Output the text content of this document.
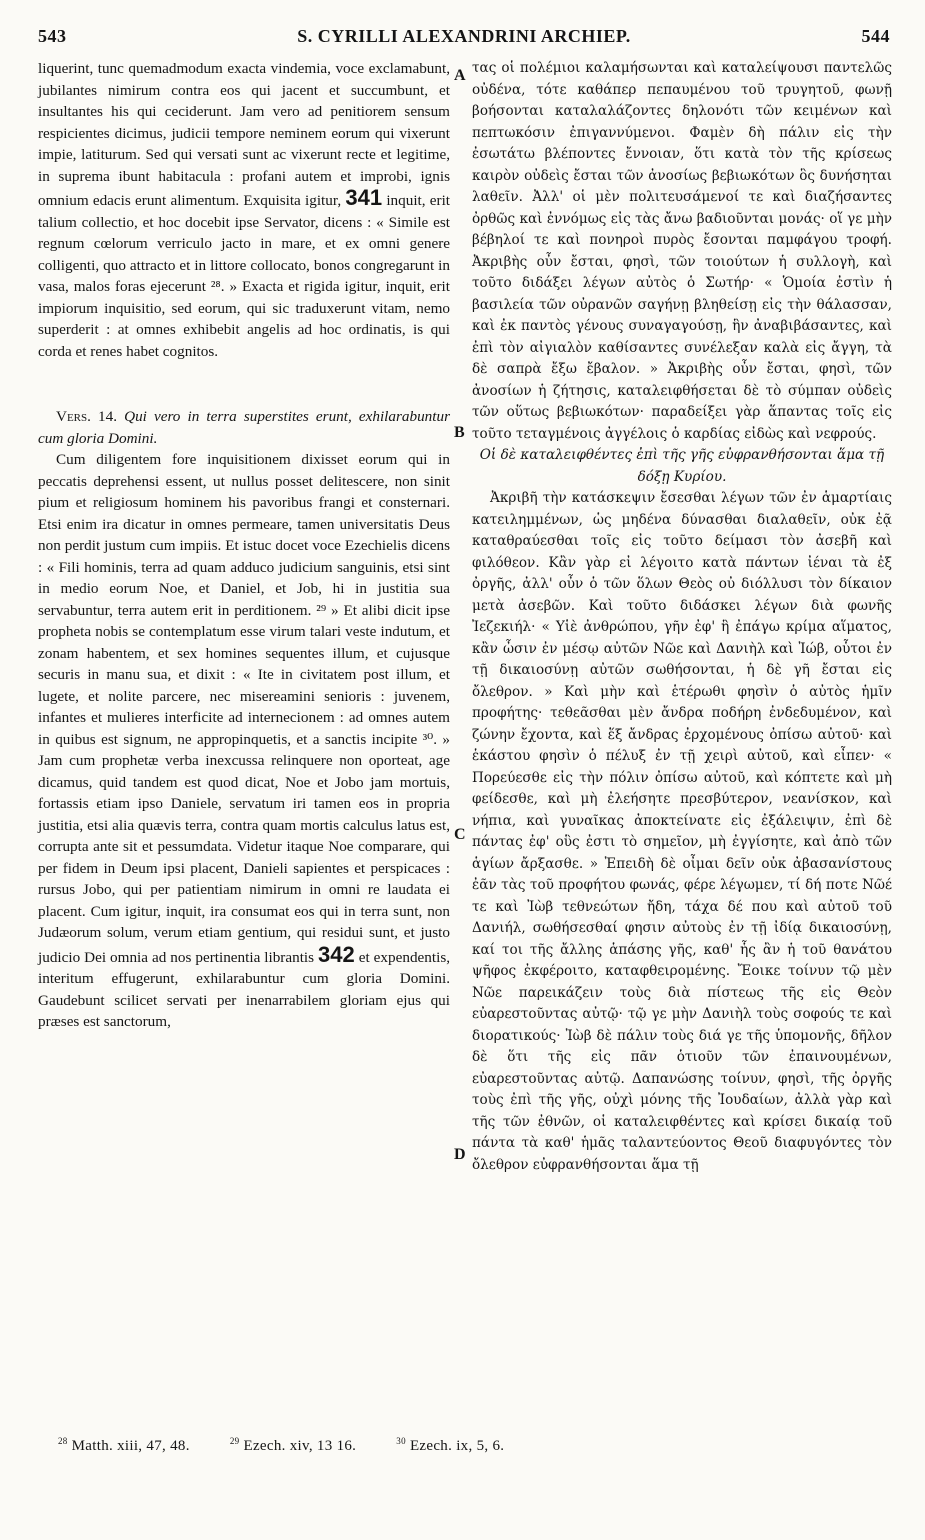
543	S. CYRILLI ALEXANDRINI ARCHIEP.	544

liquerint, tunc quemadmodum exacta vindemia, voce exclamabunt, jubilantes nimirum contra eos qui jacent et succumbunt, et insultantes his qui ceciderunt. Jam vero ad penitiorem sensum respicientes dicimus, judicii tempore neminem eorum qui vixerunt impie, latiturum. Sed qui versati sunt ac vixerunt recte et legitime, in suprema ibunt habitacula : profani autem et improbi, ignis omnium edacis erunt alimentum. Exquisita igitur, 341 inquit, erit talium collectio, et hoc docebit ipse Servator, dicens : « Simile est regnum cœlorum verriculo jacto in mare, et ex omni genere colligenti, quo attracto et in littore collocato, bonos congregarunt in vasa, malos foras ejecerunt ²⁸. » Exacta et rigida igitur, inquit, erit impiorum inquisitio, sed eorum, qui sic traduxerunt vitam, nemo superderit : at omnes exhibebit angelis ad hoc ordinatis, is qui corda et renes habet cognitos.

Vers. 14. Qui vero in terra superstites erunt, exhilarabuntur cum gloria Domini.

Cum diligentem fore inquisitionem dixisset eorum qui in peccatis deprehensi essent, ut nullus posset delitescere, non sinit pium et religiosum hominem his pavoribus frangi et consternari. Etsi enim ira dicatur in omnes permeare, tamen universitatis Deus non perdit justum cum impiis. Et istuc docet voce Ezechielis dicens : « Fili hominis, terra ad quam adduco judicium sanguinis, etsi sint in medio eorum Noe, et Daniel, et Job, hi in justitia sua servabuntur, terra autem erit in perditionem. ²⁹ » Et alibi dicit ipse propheta nobis se contemplatum esse virum talari veste indutum, et zonam habentem, et sex homines sequentes illum, et cujusque securis in manu sua, et dixit : « Ite in civitatem post illum, et lugete, et nolite parcere, nec misereamini senioris : juvenem, infantes et mulieres interficite ad internecionem : ad omnes autem in quibus est signum, ne appropinquetis, et a sanctis incipite ³⁰. » Jam cum prophetæ verba inexcussa relinquere non oporteat, age dicamus, quid tandem est quod dicat, Noe et Jobo jam mortuis, fortassis etiam ipso Daniele, servatum iri tamen eos in propria justitia, etsi alia quævis terra, contra quam mortis calculus latus est, corrupta ante sit et pessumdata. Videtur itaque Noe comparare, qui per fidem in Deum ipsi placent, Danieli sapientes et perspicaces : rursus Jobo, qui per patientiam nimirum in omni re laudata ei placent. Cum igitur, inquit, ira consumat eos qui in terra sunt, non Judæorum solum, verum etiam gentium, qui residui sunt, et justo judicio Dei omnia ad nos pertinentia librantis 342 et expendentis, interitum effugerunt, exhilarabuntur cum gloria Domini. Gaudebunt scilicet servati per inenarrabilem gloriam ejus qui præses est sanctorum,

A
B
C
D

τας οἱ πολέμιοι καλαμήσωνται καὶ καταλείψουσι παντελῶς οὐδένα, τότε καθάπερ πεπαυμένου τοῦ τρυγητοῦ, φωνῇ βοήσονται καταλαλάζοντες δηλονότι τῶν κειμένων καὶ πεπτωκόσιν ἐπιγαννύμενοι. Φαμὲν δὴ πάλιν εἰς τὴν ἐσωτάτω βλέποντες ἔννοιαν, ὅτι κατὰ τὸν τῆς κρίσεως καιρὸν οὐδεὶς ἔσται τῶν ἀνοσίως βεβιωκότων ὃς δυνήσηται λαθεῖν. Ἀλλ' οἱ μὲν πολιτευσάμενοί τε καὶ διαζήσαντες ὀρθῶς καὶ ἐννόμως εἰς τὰς ἄνω βαδιοῦνται μονάς· οἵ γε μὴν βέβηλοί τε καὶ πονηροὶ πυρὸς ἔσονται παμφάγου τροφή. Ἀκριβὴς οὖν ἔσται, φησὶ, τῶν τοιούτων ἡ συλλογὴ, καὶ τοῦτο διδάξει λέγων αὐτὸς ὁ Σωτήρ· « Ὁμοία ἐστὶν ἡ βασιλεία τῶν οὐρανῶν σαγήνῃ βληθείσῃ εἰς τὴν θάλασσαν, καὶ ἐκ παντὸς γένους συναγαγούσῃ, ἣν ἀναβιβάσαντες, καὶ ἐπὶ τὸν αἰγιαλὸν καθίσαντες συνέλεξαν καλὰ εἰς ἄγγη, τὰ δὲ σαπρὰ ἔξω ἔβαλον. » Ἀκριβὴς οὖν ἔσται, φησὶ, τῶν ἀνοσίων ἡ ζήτησις, καταλειφθήσεται δὲ τὸ σύμπαν οὐδεὶς τῶν οὕτως βεβιωκότων· παραδείξει γὰρ ἅπαντας τοῖς εἰς τοῦτο τεταγμένοις ἀγγέλοις ὁ καρδίας εἰδὼς καὶ νεφρούς.

Οἱ δὲ καταλειφθέντες ἐπὶ τῆς γῆς εὐφρανθήσονται ἅμα τῇ δόξῃ Κυρίου.

Ἀκριβῆ τὴν κατάσκεψιν ἔσεσθαι λέγων τῶν ἐν ἁμαρτίαις κατειλημμένων, ὡς μηδένα δύνασθαι διαλαθεῖν, οὐκ ἐᾷ καταθραύεσθαι τοῖς εἰς τοῦτο δείμασι τὸν ἀσεβῆ καὶ φιλόθεον. Κἂν γὰρ εἰ λέγοιτο κατὰ πάντων ἰέναι τὰ ἐξ ὀργῆς, ἀλλ' οὖν ὁ τῶν ὅλων Θεὸς οὐ διόλλυσι τὸν δίκαιον μετὰ ἀσεβῶν. Καὶ τοῦτο διδάσκει λέγων διὰ φωνῆς Ἰεζεκιήλ· « Υἱὲ ἀνθρώπου, γῆν ἐφ' ἣ ἐπάγω κρίμα αἵματος, κἂν ὦσιν ἐν μέσῳ αὐτῶν Νῶε καὶ Δανιὴλ καὶ Ἰώβ, οὗτοι ἐν τῇ δικαιοσύνῃ αὐτῶν σωθήσονται, ἡ δὲ γῆ ἔσται εἰς ὄλεθρον. » Καὶ μὴν καὶ ἑτέρωθι φησὶν ὁ αὐτὸς ἡμῖν προφήτης· τεθεᾶσθαι μὲν ἄνδρα ποδήρη ἐνδεδυμένον, καὶ ζώνην ἔχοντα, καὶ ἕξ ἄνδρας ἐρχομένους ὀπίσω αὐτοῦ· καὶ ἑκάστου φησὶν ὁ πέλυξ ἐν τῇ χειρὶ αὐτοῦ, καὶ εἶπεν· « Πορεύεσθε εἰς τὴν πόλιν ὀπίσω αὐτοῦ, καὶ κόπτετε καὶ μὴ φείδεσθε, καὶ μὴ ἐλεήσητε πρεσβύτερον, νεανίσκον, καὶ νήπια, καὶ γυναῖκας ἀποκτείνατε εἰς ἐξάλειψιν, ἐπὶ δὲ πάντας ἐφ' οὓς ἐστι τὸ σημεῖον, μὴ ἐγγίσητε, καὶ ἀπὸ τῶν ἁγίων ἄρξασθε. » Ἐπειδὴ δὲ οἶμαι δεῖν οὐκ ἀβασανίστους ἐᾶν τὰς τοῦ προφήτου φωνάς, φέρε λέγωμεν, τί δή ποτε Νῶέ τε καὶ Ἰὼβ τεθνεώτων ἤδη, τάχα δέ που καὶ αὐτοῦ τοῦ Δανιήλ, σωθήσεσθαί φησιν αὐτοὺς ἐν τῇ ἰδίᾳ δικαιοσύνῃ, καί τοι τῆς ἄλλης ἁπάσης γῆς, καθ' ἧς ἂν ἡ τοῦ θανάτου ψῆφος ἐκφέροιτο, καταφθειρομένης. Ἔοικε τοίνυν τῷ μὲν Νῶε παρεικάζειν τοὺς διὰ πίστεως τῆς εἰς Θεὸν εὐαρεστοῦντας αὐτῷ· τῷ γε μὴν Δανιὴλ τοὺς σοφούς τε καὶ διορατικούς· Ἰὼβ δὲ πάλιν τοὺς διά γε τῆς ὑπομονῆς, δῆλον δὲ ὅτι τῆς εἰς πᾶν ὁτιοῦν τῶν ἐπαινουμένων, εὐαρεστοῦντας αὐτῷ. Δαπανώσης τοίνυν, φησὶ, τῆς ὀργῆς τοὺς ἐπὶ τῆς γῆς, οὐχὶ μόνης τῆς Ἰουδαίων, ἀλλὰ γὰρ καὶ τῆς τῶν ἐθνῶν, οἱ καταλειφθέντες καὶ κρίσει δικαίᾳ τοῦ πάντα τὰ καθ' ἡμᾶς ταλαντεύοντος Θεοῦ διαφυγόντες τὸν ὄλεθρον εὐφρανθήσονται ἅμα τῇ

$^{28}$ Matth. xiii, 47, 48.	$^{29}$ Ezech. xiv, 13 16.	$^{30}$ Ezech. ix, 5, 6.
